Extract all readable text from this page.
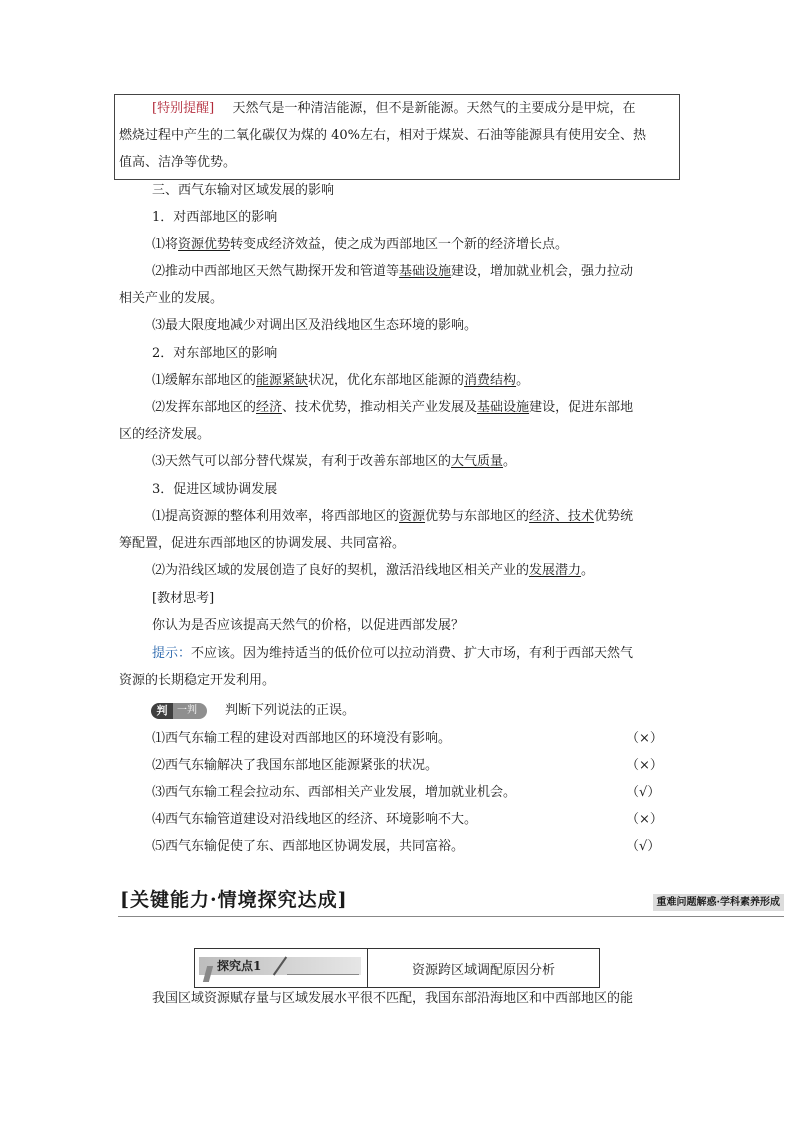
[特别提醒] 天然气是一种清洁能源，但不是新能源。天然气的主要成分是甲烷，在
燃烧过程中产生的二氧化碳仅为煤的 40%左右，相对于煤炭、石油等能源具有使用安全、热
值高、洁净等优势。
三、西气东输对区域发展的影响
1．对西部地区的影响
⑴将资源优势转变成经济效益，使之成为西部地区一个新的经济增长点。
⑵推动中西部地区天然气勘探开发和管道等基础设施建设，增加就业机会，强力拉动
相关产业的发展。
⑶最大限度地减少对调出区及沿线地区生态环境的影响。
2．对东部地区的影响
⑴缓解东部地区的能源紧缺状况，优化东部地区能源的消费结构。
⑵发挥东部地区的经济、技术优势，推动相关产业发展及基础设施建设，促进东部地
区的经济发展。
⑶天然气可以部分替代煤炭，有利于改善东部地区的大气质量。
3．促进区域协调发展
⑴提高资源的整体利用效率，将西部地区的资源优势与东部地区的经济、技术优势统
筹配置，促进东西部地区的协调发展、共同富裕。
⑵为沿线区域的发展创造了良好的契机，激活沿线地区相关产业的发展潜力。
[教材思考]
你认为是否应该提高天然气的价格，以促进西部发展？
提示：不应该。因为维持适当的低价位可以拉动消费、扩大市场，有利于西部天然气
资源的长期稳定开发利用。
判 一判 判断下列说法的正误。
⑴西气东输工程的建设对西部地区的环境没有影响。	（×）
⑵西气东输解决了我国东部地区能源紧张的状况。	（×）
⑶西气东输工程会拉动东、西部相关产业发展，增加就业机会。	（√）
⑷西气东输管道建设对沿线地区的经济、环境影响不大。	（×）
⑸西气东输促使了东、西部地区协调发展，共同富裕。	（√）
[关键能力·情境探究达成]	重难问题解惑·学科素养形成
探究点1	资源跨区域调配原因分析
我国区域资源赋存量与区域发展水平很不匹配，我国东部沿海地区和中西部地区的能
